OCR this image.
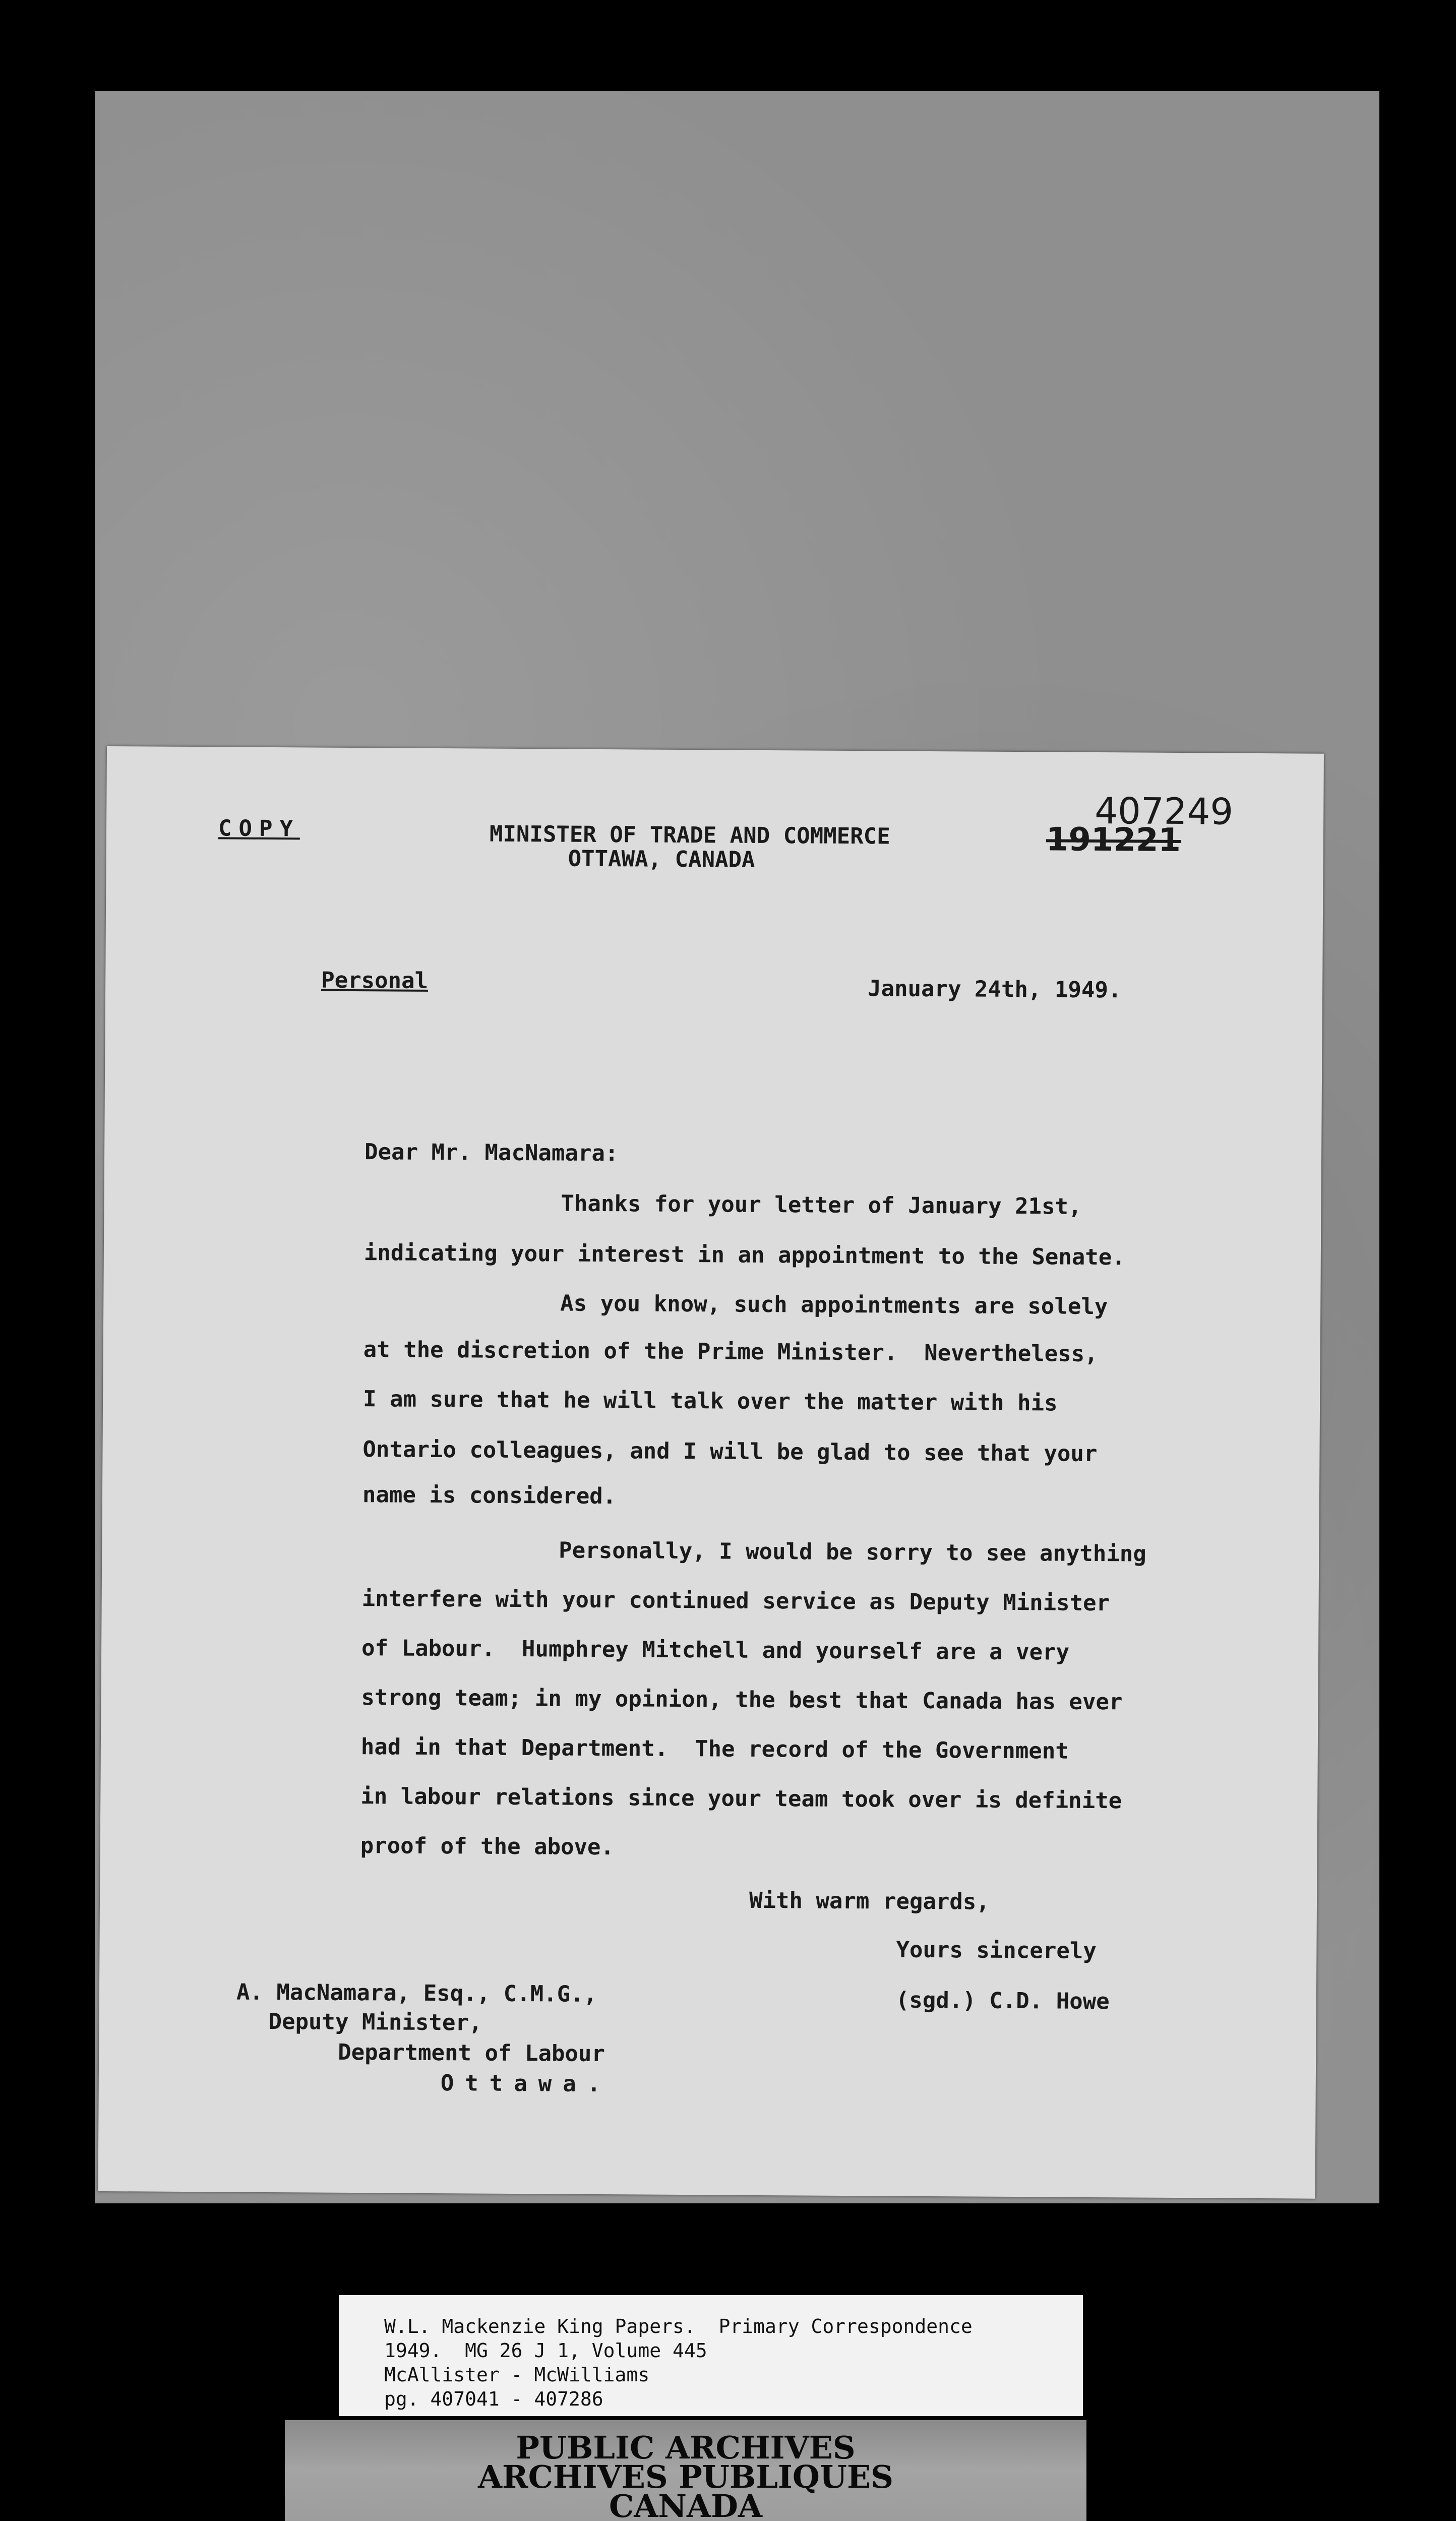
COPY	MINISTER OF TRADE AND COMMERCE
OTTAWA, CANADA
407249
191221
Personal	January 24th, 1949.
Dear Mr. MacNamara:
Thanks for your letter of January 21st,
indicating your interest in an appointment to the Senate.
As you know, such appointments are solely
at the discretion of the Prime Minister.  Nevertheless,
I am sure that he will talk over the matter with his
Ontario colleagues, and I will be glad to see that your
name is considered.
Personally, I would be sorry to see anything
interfere with your continued service as Deputy Minister
of Labour.  Humphrey Mitchell and yourself are a very
strong team; in my opinion, the best that Canada has ever
had in that Department.  The record of the Government
in labour relations since your team took over is definite
proof of the above.
With warm regards,
Yours sincerely
(sgd.) C.D. Howe
A. MacNamara, Esq., C.M.G.,
Deputy Minister,
Department of Labour
Ottawa.
W.L. Mackenzie King Papers.  Primary Correspondence
1949.  MG 26 J 1, Volume 445
McAllister - McWilliams
pg. 407041 - 407286
PUBLIC ARCHIVES
ARCHIVES PUBLIQUES
CANADA
